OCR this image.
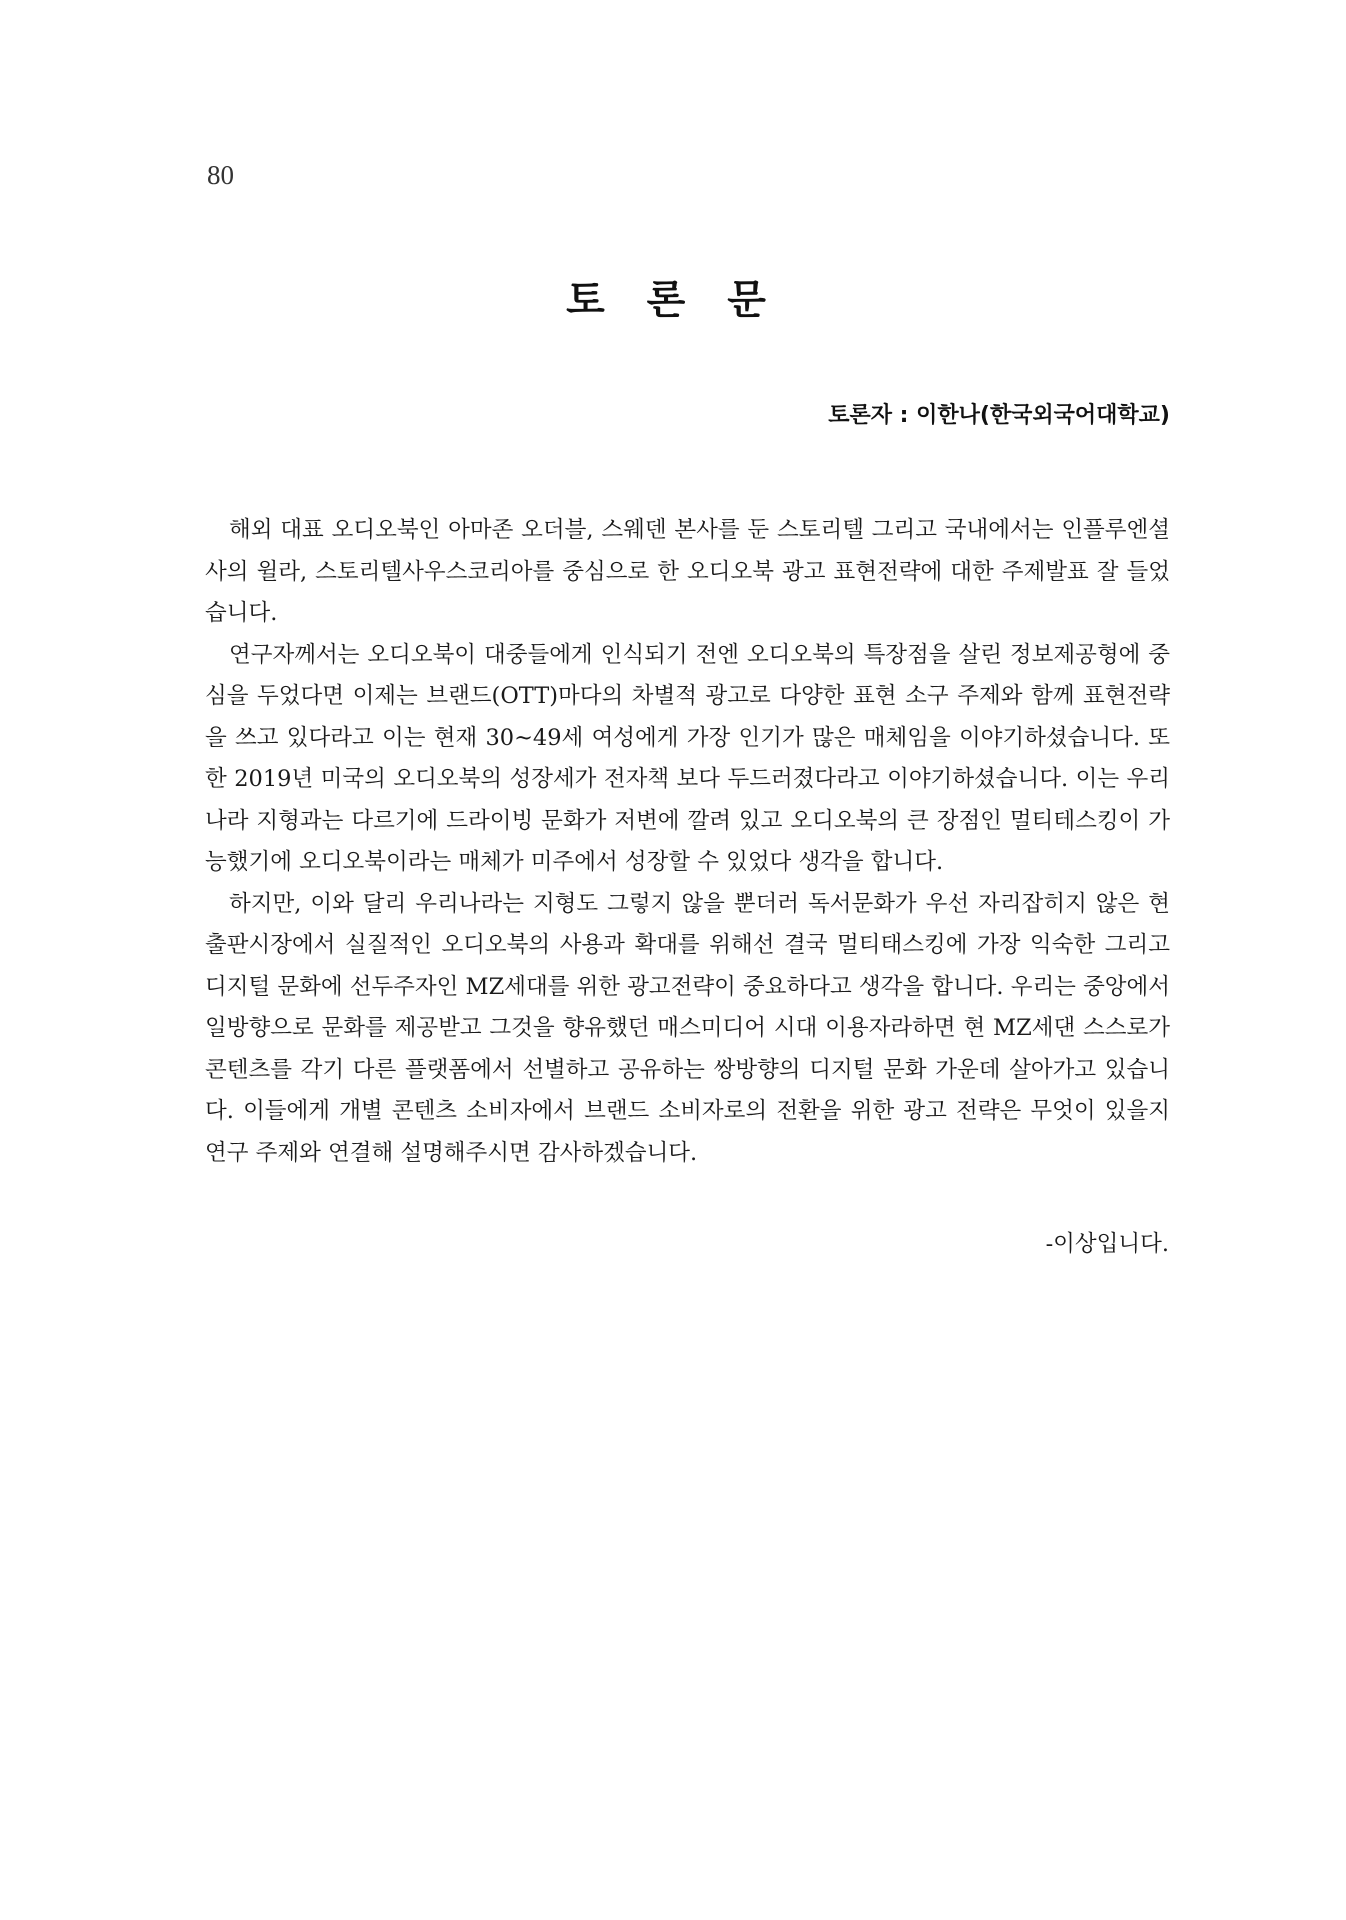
80
토 론 문
토론자 : 이한나(한국외국어대학교)

해외 대표 오디오북인 아마존 오더블, 스웨덴 본사를 둔 스토리텔 그리고 국내에서는 인플루엔셜사의 윌라, 스토리텔사우스코리아를 중심으로 한 오디오북 광고 표현전략에 대한 주제발표 잘 들었습니다.

연구자께서는 오디오북이 대중들에게 인식되기 전엔 오디오북의 특장점을 살린 정보제공형에 중심을 두었다면 이제는 브랜드(OTT)마다의 차별적 광고로 다양한 표현 소구 주제와 함께 표현전략을 쓰고 있다라고 이는 현재 30~49세 여성에게 가장 인기가 많은 매체임을 이야기하셨습니다. 또한 2019년 미국의 오디오북의 성장세가 전자책 보다 두드러졌다라고 이야기하셨습니다. 이는 우리나라 지형과는 다르기에 드라이빙 문화가 저변에 깔려 있고 오디오북의 큰 장점인 멀티테스킹이 가능했기에 오디오북이라는 매체가 미주에서 성장할 수 있었다 생각을 합니다.

하지만, 이와 달리 우리나라는 지형도 그렇지 않을 뿐더러 독서문화가 우선 자리잡히지 않은 현 출판시장에서 실질적인 오디오북의 사용과 확대를 위해선 결국 멀티태스킹에 가장 익숙한 그리고 디지털 문화에 선두주자인 MZ세대를 위한 광고전략이 중요하다고 생각을 합니다. 우리는 중앙에서 일방향으로 문화를 제공받고 그것을 향유했던 매스미디어 시대 이용자라하면 현 MZ세댄 스스로가 콘텐츠를 각기 다른 플랫폼에서 선별하고 공유하는 쌍방향의 디지털 문화 가운데 살아가고 있습니다. 이들에게 개별 콘텐츠 소비자에서 브랜드 소비자로의 전환을 위한 광고 전략은 무엇이 있을지 연구 주제와 연결해 설명해주시면 감사하겠습니다.

-이상입니다.
